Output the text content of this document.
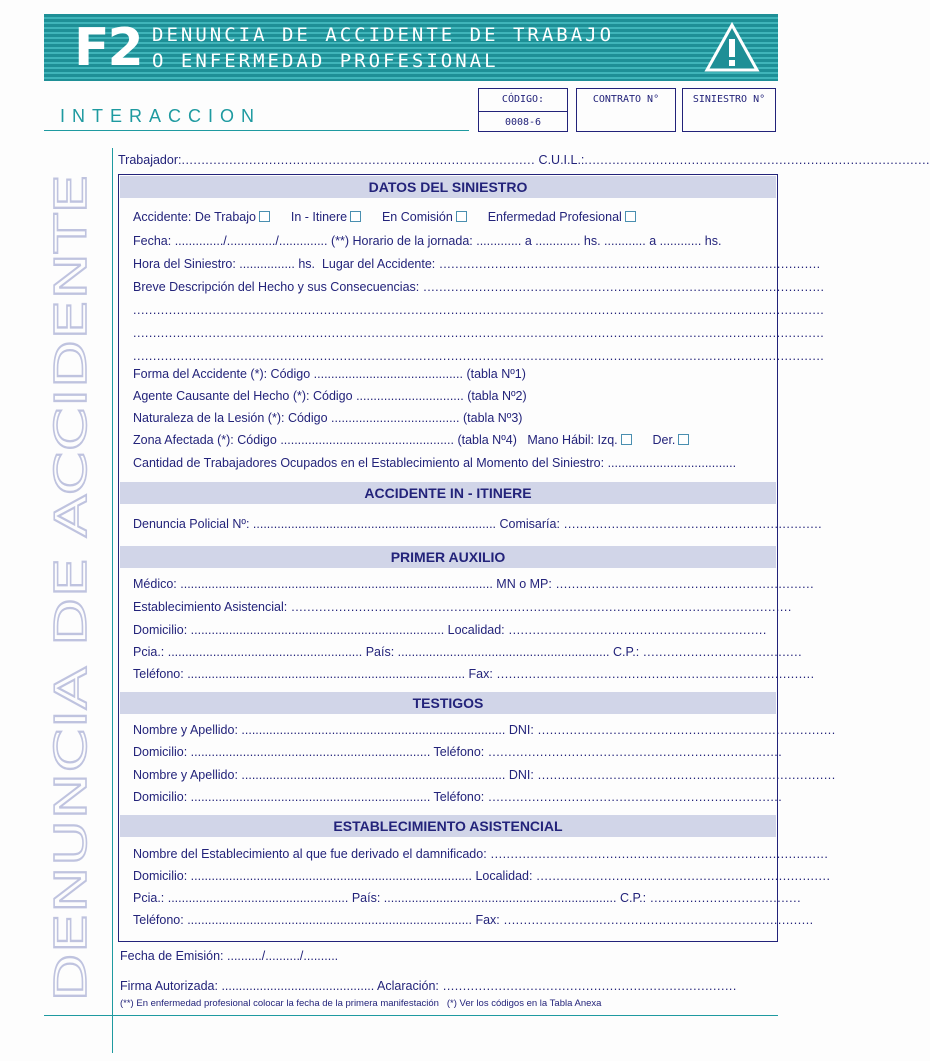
F2 DENUNCIA DE ACCIDENTE DE TRABAJO
O ENFERMEDAD PROFESIONAL
INTERACCION
CÓDIGO:
0008-6
CONTRATO N°	SINIESTRO N°
DENUNCIA DE ACCIDENTE
Trabajador:......................................................................................... C.U.I.L.:.......................................................................................
DATOS DEL SINIESTRO
Accidente: De Trabajo	In - Itinere	En Comisión	Enfermedad Profesional
Fecha: ............../............../.............. (**) Horario de la jornada: ............. a ............. hs. ............ a ............ hs.
Hora del Siniestro: ................ hs. Lugar del Accidente: ................................................................................................
Breve Descripción del Hecho y sus Consecuencias: .....................................................................................................
..............................................................................................................................................................................
..............................................................................................................................................................................
..............................................................................................................................................................................
Forma del Accidente (*): Código ........................................... (tabla Nº1)
Agente Causante del Hecho (*): Código ............................... (tabla Nº2)
Naturaleza de la Lesión (*): Código ..................................... (tabla Nº3)
Zona Afectada (*): Código .................................................. (tabla Nº4) Mano Hábil: Izq.	Der.
Cantidad de Trabajadores Ocupados en el Establecimiento al Momento del Siniestro: .....................................
ACCIDENTE IN - ITINERE
Denuncia Policial Nº: ...................................................................... Comisaría: .................................................................
PRIMER AUXILIO
Médico: .......................................................................................... MN o MP: .................................................................
Establecimiento Asistencial: ..............................................................................................................................
Domicilio: ......................................................................... Localidad: .................................................................
Pcia.: ........................................................ País: ............................................................. C.P.: ........................................
Teléfono: ................................................................................ Fax: ................................................................................
TESTIGOS
Nombre y Apellido: ............................................................................ DNI: ...........................................................................
Domicilio: ..................................................................... Teléfono: ..........................................................................
Nombre y Apellido: ............................................................................ DNI: ...........................................................................
Domicilio: ..................................................................... Teléfono: ..........................................................................
ESTABLECIMIENTO ASISTENCIAL
Nombre del Establecimiento al que fue derivado el damnificado: .....................................................................................
Domicilio: ................................................................................. Localidad: ..........................................................................
Pcia.: .................................................... País: ................................................................... C.P.: ......................................
Teléfono: .................................................................................. Fax: ..............................................................................
Fecha de Emisión: ........../........../..........
Firma Autorizada: ............................................ Aclaración: ..........................................................................
(**) En enfermedad profesional colocar la fecha de la primera manifestación (*) Ver los códigos en la Tabla Anexa
